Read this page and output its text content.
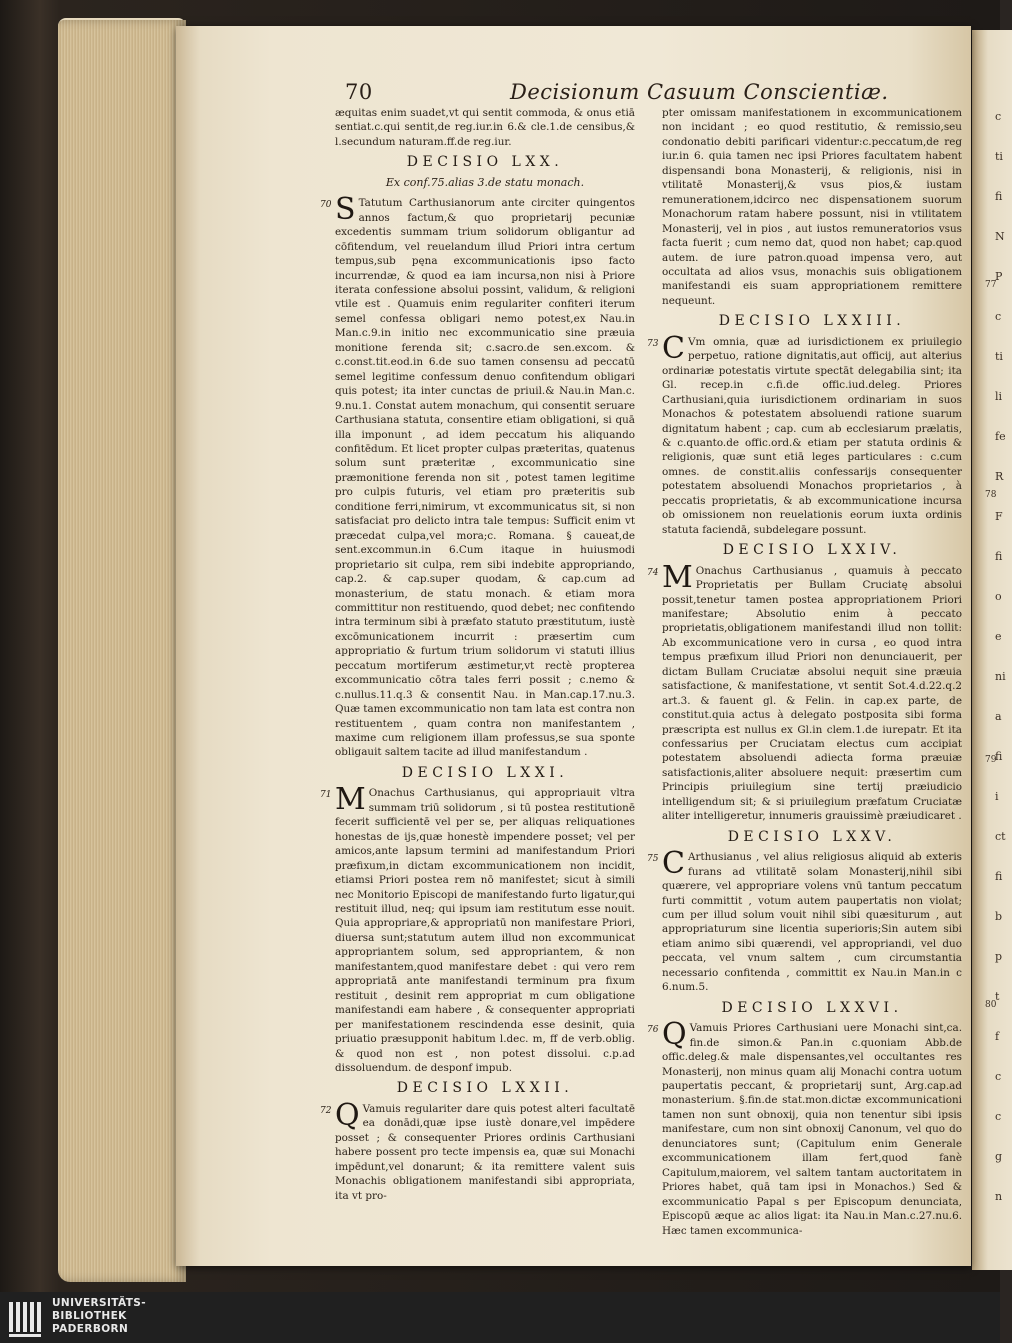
70	Decisionum Casuum Conscientiæ.

æquitas enim suadet,vt qui sentit commoda, & onus etiā sentiat.c.qui sentit,de reg.iur.in 6.& cle.1.de censibus,& l.secundum naturam.ff.de reg.iur.

DECISIO LXX.
Ex conf.75.alias 3.de statu monach.
70 S Tatutum Carthusianorum ante circiter quingentos annos factum,& quo proprietarij pecuniæ excedentis summam trium solidorum obligantur ad cōfitendum, vel reuelandum illud Priori intra certum tempus,sub pęna excommunicationis ipso facto incurrendæ, & quod ea iam incursa,non nisi à Priore iterata confessione absolui possint, validum, & religioni vtile est . Quamuis enim regulariter confiteri iterum semel confessa obligari nemo potest,ex Nau.in Man.c.9.in initio nec excommunicatio sine præuia monitione ferenda sit; c.sacro.de sen.excom. & c.const.tit.eod.in 6.de suo tamen consensu ad peccatū semel legitime confessum denuo confitendum obligari quis potest; ita inter cunctas de priuil.& Nau.in Man.c. 9.nu.1. Constat autem monachum, qui consentit seruare Carthusiana statuta, consentire etiam obligationi, si quā illa imponunt , ad idem peccatum his aliquando confitēdum. Et licet propter culpas præteritas, quatenus solum sunt præteritæ , excommunicatio sine præmonitione ferenda non sit , potest tamen legitime pro culpis futuris, vel etiam pro præteritis sub conditione ferri,nimirum, vt excommunicatus sit, si non satisfaciat pro delicto intra tale tempus: Sufficit enim vt præcedat culpa,vel mora;c. Romana. § caueat,de sent.excommun.in 6.Cum itaque in huiusmodi proprietario sit culpa, rem sibi indebite appropriando, cap.2. & cap.super quodam, & cap.cum ad monasterium, de statu monach. & etiam mora committitur non restituendo, quod debet; nec confitendo intra terminum sibi à præfato statuto præstitutum, iustè excōmunicationem incurrit : præsertim cum appropriatio & furtum trium solidorum vi statuti illius peccatum mortiferum æstimetur,vt rectè propterea excommunicatio cōtra tales ferri possit ; c.nemo & c.nullus.11.q.3 & consentit Nau. in Man.cap.17.nu.3. Quæ tamen excommunicatio non tam lata est contra non restituentem , quam contra non manifestantem , maxime cum religionem illam professus,se sua sponte obligauit saltem tacite ad illud manifestandum .
DECISIO LXXI.
71 M Onachus Carthusianus, qui appropriauit vltra summam triū solidorum , si tū postea restitutionē fecerit sufficientē vel per se, per aliquas reliquationes honestas de ijs,quæ honestè impendere posset; vel per amicos,ante lapsum termini ad manifestandum Priori præfixum,in dictam excommunicationem non incidit, etiamsi Priori postea rem nō manifestet; sicut à simili nec Monitorio Episcopi de manifestando furto ligatur,qui restituit illud, neq; qui ipsum iam restitutum esse nouit. Quia appropriare,& appropriatū non manifestare Priori, diuersa sunt;statutum autem illud non excommunicat appropriantem solum, sed appropriantem, & non manifestantem,quod manifestare debet : qui vero rem appropriatā ante manifestandi terminum pra fixum restituit , desinit rem appropriat m cum obligatione manifestandi eam habere , & consequenter appropriati per manifestationem rescindenda esse desinit, quia priuatio præsupponit habitum l.dec. m, ff de verb.oblig. & quod non est , non potest dissolui. c.p.ad dissoluendum. de desponf impub.
DECISIO LXXII.
72 Q Vamuis regulariter dare quis potest alteri facultatē ea donādi,quæ ipse iustè donare,vel impēdere posset ; & consequenter Priores ordinis Carthusiani habere possent pro tecte impensis ea, quæ sui Monachi impēdunt,vel donarunt; & ita remittere valent suis Monachis obligationem manifestandi sibi appropriata, ita vt pro-

pter omissam manifestationem in excommunicationem non incidant ; eo quod restitutio, & remissio,seu condonatio debiti parificari videntur:c.peccatum,de reg iur.in 6. quia tamen nec ipsi Priores facultatem habent dispensandi bona Monasterij, & religionis, nisi in vtilitatē Monasterij,& vsus pios,& iustam remunerationem,idcirco nec dispensationem suorum Monachorum ratam habere possunt, nisi in vtilitatem Monasterij, vel in pios , aut iustos remuneratorios vsus facta fuerit ; cum nemo dat, quod non habet; cap.quod autem. de iure patron.quoad impensa vero, aut occultata ad alios vsus, monachis suis obligationem manifestandi eis suam appropriationem remittere nequeunt.

DECISIO LXXIII.
73 C Vm omnia, quæ ad iurisdictionem ex priuilegio perpetuo, ratione dignitatis,aut officij, aut alterius ordinariæ potestatis virtute spectāt delegabilia sint; ita Gl. recep.in c.fi.de offic.iud.deleg. Priores Carthusiani,quia iurisdictionem ordinariam in suos Monachos & potestatem absoluendi ratione suarum dignitatum habent ; cap. cum ab ecclesiarum prælatis, & c.quanto.de offic.ord.& etiam per statuta ordinis & religionis, quæ sunt etiā leges particulares : c.cum omnes. de constit.aliis confessarijs consequenter potestatem absoluendi Monachos proprietarios , à peccatis proprietatis, & ab excommunicatione incursa ob omissionem non reuelationis eorum iuxta ordinis statuta faciendā, subdelegare possunt.
DECISIO LXXIV.
74 M Onachus Carthusianus , quamuis à peccato Proprietatis per Bullam Cruciatę absolui possit,tenetur tamen postea appropriationem Priori manifestare; Absolutio enim à peccato proprietatis,obligationem manifestandi illud non tollit: Ab excommunicatione vero in cursa , eo quod intra tempus præfixum illud Priori non denunciauerit, per dictam Bullam Cruciatæ absolui nequit sine præuia satisfactione, & manifestatione, vt sentit Sot.4.d.22.q.2 art.3. & fauent gl. & Felin. in cap.ex parte, de constitut.quia actus à delegato postposita sibi forma præscripta est nullus ex Gl.in clem.1.de iurepatr. Et ita confessarius per Cruciatam electus cum accipiat potestatem absoluendi adiecta forma præuiæ satisfactionis,aliter absoluere nequit: præsertim cum Principis priuilegium sine tertij præiudicio intelligendum sit; & si priuilegium præfatum Cruciatæ aliter intelligeretur, innumeris grauissimè præiudicaret .
DECISIO LXXV.
75 C Arthusianus , vel alius religiosus aliquid ab exteris furans ad vtilitatē solam Monasterij,nihil sibi quærere, vel appropriare volens vnū tantum peccatum furti committit , votum autem paupertatis non violat; cum per illud solum vouit nihil sibi quæsiturum , aut appropriaturum sine licentia superioris;Sin autem sibi etiam animo sibi quærendi, vel appropriandi, vel duo peccata, vel vnum saltem , cum circumstantia necessario confitenda , committit ex Nau.in Man.in c 6.num.5.
DECISIO LXXVI.
76 Q Vamuis Priores Carthusiani uere Monachi sint,ca. fin.de simon.& Pan.in c.quoniam Abb.de offic.deleg.& male dispensantes,vel occultantes res Monasterij, non minus quam alij Monachi contra uotum paupertatis peccant, & proprietarij sunt, Arg.cap.ad monasterium. §.fin.de stat.mon.dictæ excommunicationi tamen non sunt obnoxij, quia non tenentur sibi ipsis manifestare, cum non sint obnoxij Canonum, vel quo do denunciatores sunt; (Capitulum enim Generale excommunicationem illam fert,quod fanè Capitulum,maiorem, vel saltem tantam auctoritatem in Priores habet, quā tam ipsi in Monachos.) Sed & excommunicatio Papal s per Episcopum denunciata, Episcopū æque ac alios ligat: ita Nau.in Man.c.27.nu.6. Hæc tamen excommunica-
c
ti
fi
N
P
c
ti
li
fe
R
F
fi
o
e
ni
a
fi
i
ct
fi
b
p
t
f
c
c
g
n
77
78
79
80
UNIVERSITÄTS-
BIBLIOTHEK
PADERBORN
